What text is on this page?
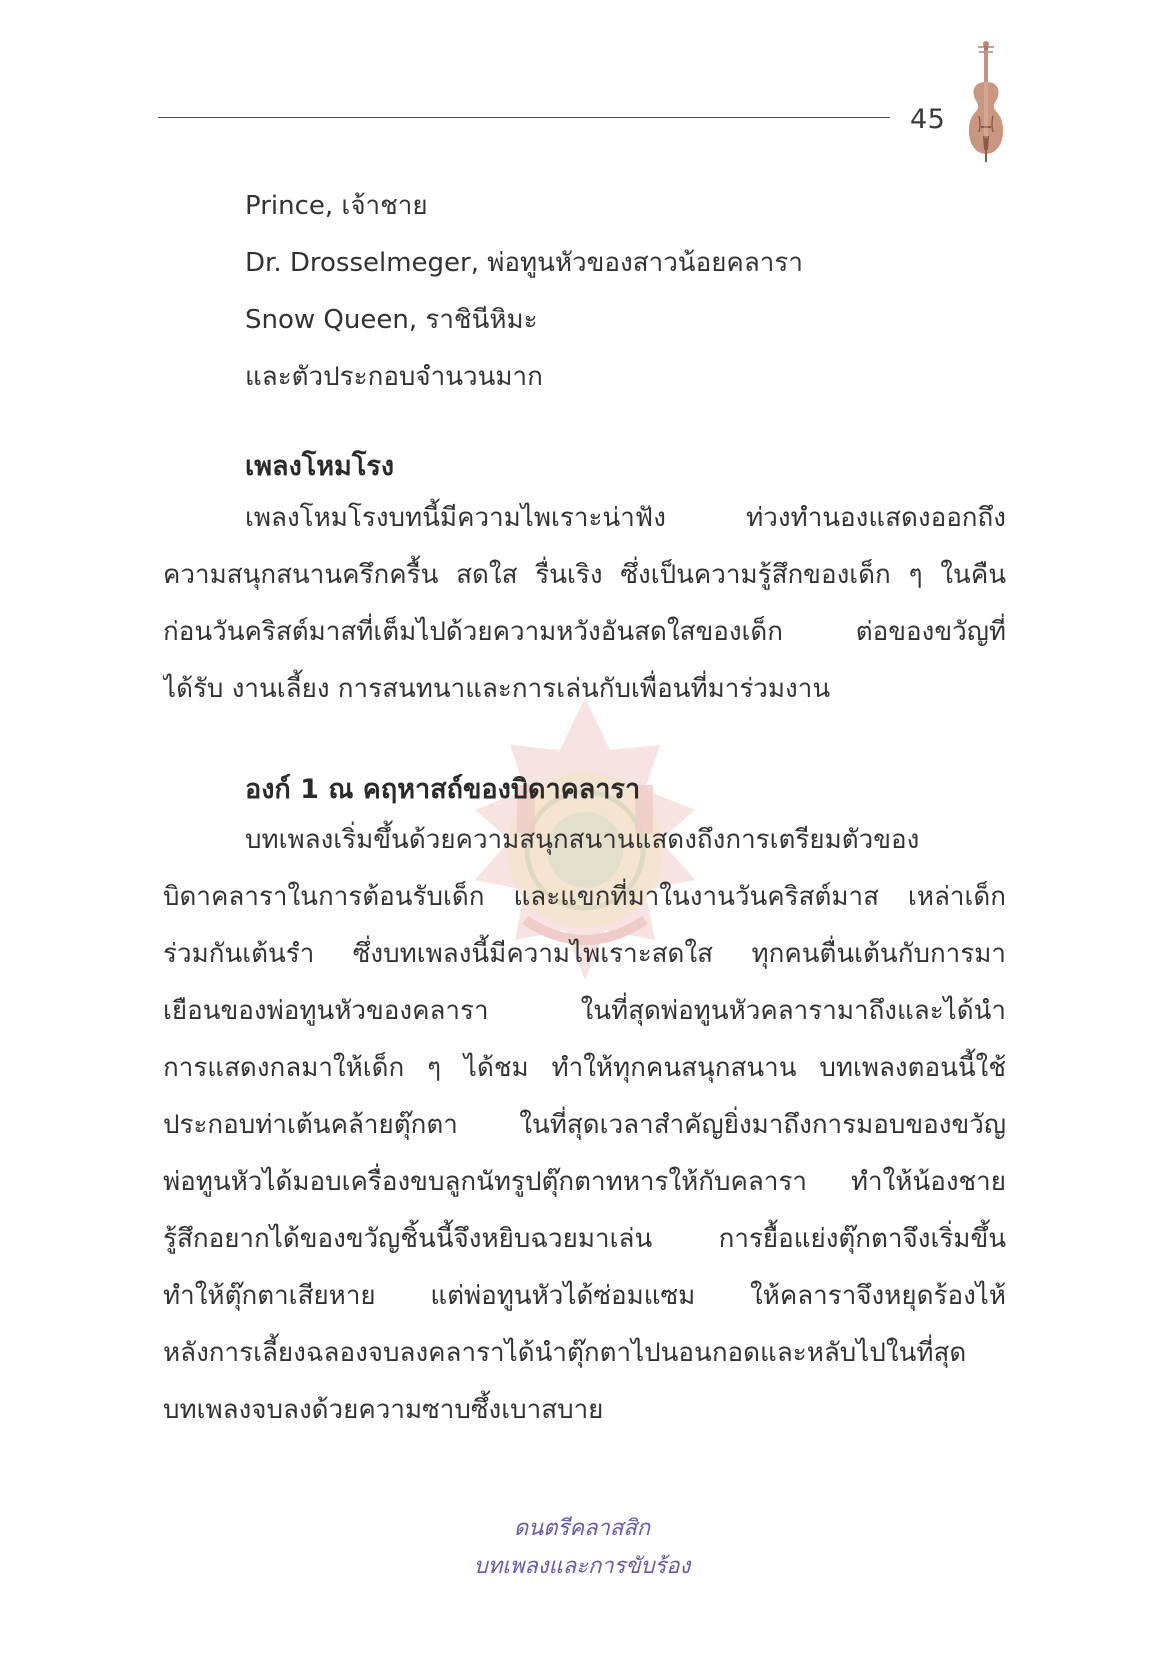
45
Prince, เจ้าชาย
Dr. Drosselmeger, พ่อทูนหัวของสาวน้อยคลารา
Snow Queen, ราชินีหิมะ
และตัวประกอบจำนวนมาก
เพลงโหมโรง
เพลงโหมโรงบทนี้มีความไพเราะน่าฟัง ท่วงทำนองแสดงออกถึง
ความสนุกสนานครึกครื้น สดใส รื่นเริง ซึ่งเป็นความรู้สึกของเด็ก ๆ ในคืน
ก่อนวันคริสต์มาสที่เต็มไปด้วยความหวังอันสดใสของเด็ก ต่อของขวัญที่
ได้รับ งานเลี้ยง การสนทนาและการเล่นกับเพื่อนที่มาร่วมงาน
องก์ 1 ณ คฤหาสถ์ของบิดาคลารา
บทเพลงเริ่มขึ้นด้วยความสนุกสนานแสดงถึงการเตรียมตัวของ
บิดาคลาราในการต้อนรับเด็ก และแขกที่มาในงานวันคริสต์มาส เหล่าเด็ก
ร่วมกันเต้นรำ ซึ่งบทเพลงนี้มีความไพเราะสดใส ทุกคนตื่นเต้นกับการมา
เยือนของพ่อทูนหัวของคลารา ในที่สุดพ่อทูนหัวคลารามาถึงและได้นำ
การแสดงกลมาให้เด็ก ๆ ได้ชม ทำให้ทุกคนสนุกสนาน บทเพลงตอนนี้ใช้
ประกอบท่าเต้นคล้ายตุ๊กตา ในที่สุดเวลาสำคัญยิ่งมาถึงการมอบของขวัญ
พ่อทูนหัวได้มอบเครื่องขบลูกนัทรูปตุ๊กตาทหารให้กับคลารา ทำให้น้องชาย
รู้สึกอยากได้ของขวัญชิ้นนี้จึงหยิบฉวยมาเล่น การยื้อแย่งตุ๊กตาจึงเริ่มขึ้น
ทำให้ตุ๊กตาเสียหาย แต่พ่อทูนหัวได้ซ่อมแซม ให้คลาราจึงหยุดร้องไห้
หลังการเลี้ยงฉลองจบลงคลาราได้นำตุ๊กตาไปนอนกอดและหลับไปในที่สุด
บทเพลงจบลงด้วยความซาบซึ้งเบาสบาย
ดนตรีคลาสสิก
บทเพลงและการขับร้อง
